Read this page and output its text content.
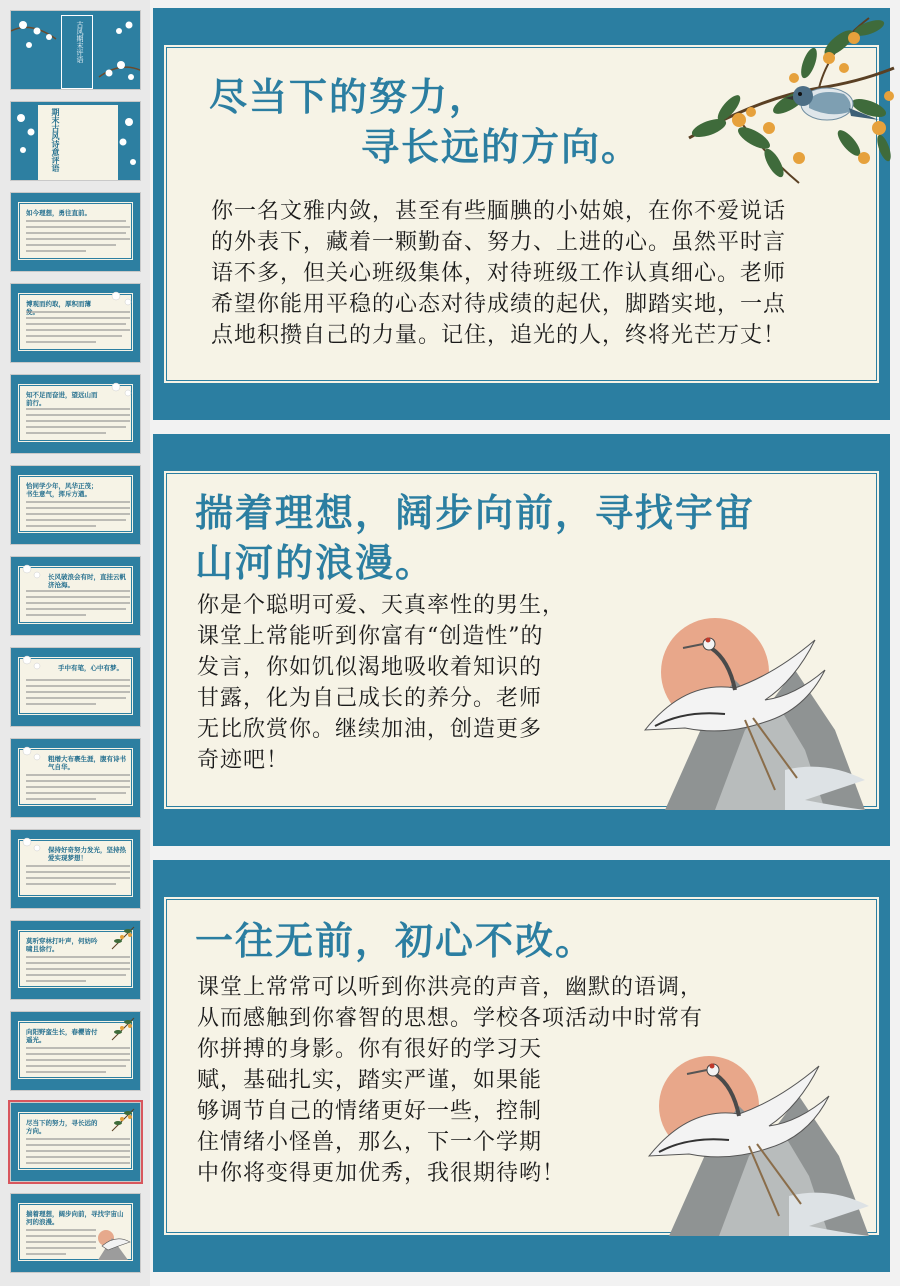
古风期末评语
期末古风诗意评语
如今理想，勇往直前。
博观而约取，厚积而薄
知不足而奋进，望远山而前行。
恰同学少年，风华正茂；书生意气，挥斥方遒。
长风破浪会有时，直挂云帆济沧海。
手中有笔，心中有梦。
粗缯大布裹生涯，腹有诗书气自华。
保持好奇努力发光，坚持热爱实现梦想！
莫听穿林打叶声，何妨吟啸且徐行。
向阳野蛮生长，春樱皆付遥光。
尽当下的努力，寻长远的方向。
揣着理想，阔步向前，寻找宇宙山河的浪漫。
尽当下的努力，
寻长远的方向。
你一名文雅内敛，甚至有些腼腆的小姑娘，在你不爱说话
的外表下，藏着一颗勤奋、努力、上进的心。虽然平时言
语不多，但关心班级集体，对待班级工作认真细心。老师
希望你能用平稳的心态对待成绩的起伏，脚踏实地，一点
点地积攒自己的力量。记住，追光的人，终将光芒万丈！
揣着理想，阔步向前，寻找宇宙
山河的浪漫。
你是个聪明可爱、天真率性的男生，
课堂上常能听到你富有“创造性”的
发言，你如饥似渴地吸收着知识的
甘露，化为自己成长的养分。老师
无比欣赏你。继续加油，创造更多
奇迹吧！
一往无前，初心不改。
课堂上常常可以听到你洪亮的声音，幽默的语调，
从而感触到你睿智的思想。学校各项活动中时常有
你拼搏的身影。你有很好的学习天
赋，基础扎实，踏实严谨，如果能
够调节自己的情绪更好一些，控制
住情绪小怪兽，那么，下一个学期
中你将变得更加优秀，我很期待哟！
